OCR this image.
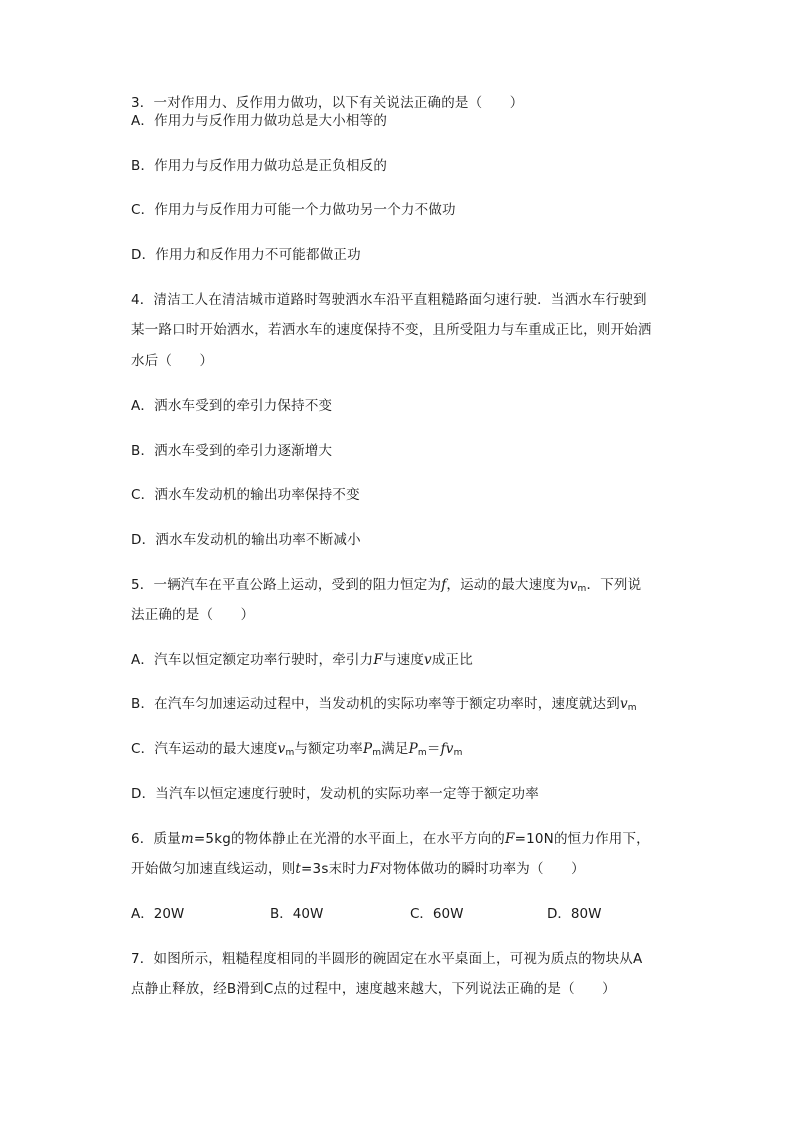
3．一对作用力、反作用力做功，以下有关说法正确的是（　　）
A．作用力与反作用力做功总是大小相等的
B．作用力与反作用力做功总是正负相反的
C．作用力与反作用力可能一个力做功另一个力不做功
D．作用力和反作用力不可能都做正功
4．清洁工人在清洁城市道路时驾驶洒水车沿平直粗糙路面匀速行驶．当洒水车行驶到
某一路口时开始洒水，若洒水车的速度保持不变，且所受阻力与车重成正比，则开始洒
水后（　　）
A．洒水车受到的牵引力保持不变
B．洒水车受到的牵引力逐渐增大
C．洒水车发动机的输出功率保持不变
D．洒水车发动机的输出功率不断减小
5．一辆汽车在平直公路上运动，受到的阻力恒定为f，运动的最大速度为$v_m$．下列说
法正确的是（　　）
A．汽车以恒定额定功率行驶时，牵引力F与速度v成正比
B．在汽车匀加速运动过程中，当发动机的实际功率等于额定功率时，速度就达到$v_m$
C．汽车运动的最大速度$v_m$与额定功率$P_m$满足$P_m=fv_m$
D．当汽车以恒定速度行驶时，发动机的实际功率一定等于额定功率
6．质量m=5kg的物体静止在光滑的水平面上，在水平方向的F=10N的恒力作用下，
开始做匀加速直线运动，则t=3s末时力F对物体做功的瞬时功率为（　　）
A．20W	B．40W	C．60W	D．80W
7．如图所示，粗糙程度相同的半圆形的碗固定在水平桌面上，可视为质点的物块从A
点静止释放，经B滑到C点的过程中，速度越来越大，下列说法正确的是（　　）
